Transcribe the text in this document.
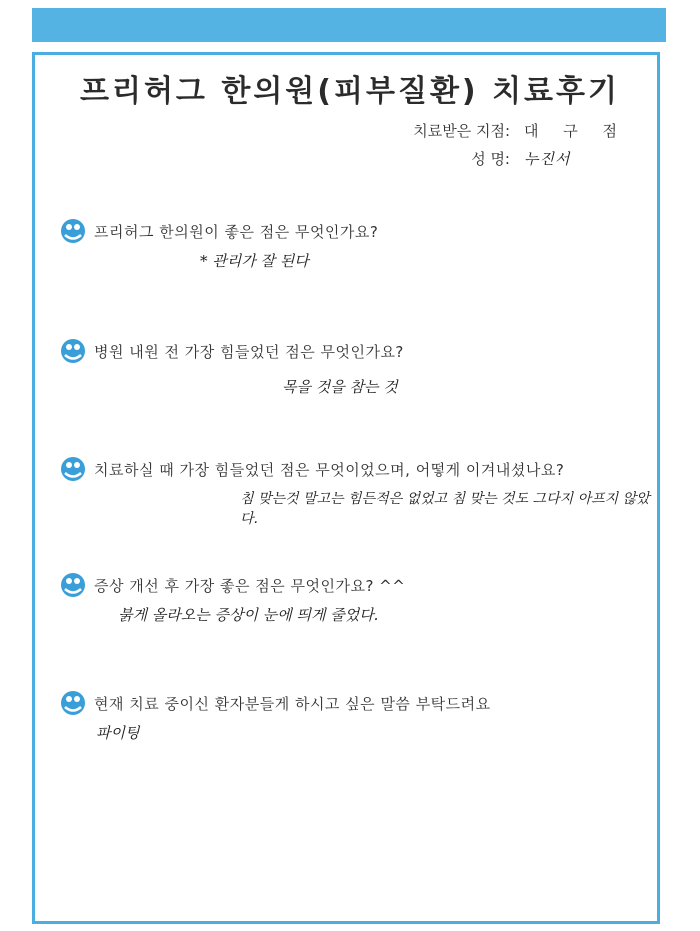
프리허그 한의원(피부질환) 치료후기
치료받은 지점: 대 구 점
성 명: 누진서
프리허그 한의원이 좋은 점은 무엇인가요?
* 관리가 잘 된다
병원 내원 전 가장 힘들었던 점은 무엇인가요?
목을 것을 참는 것
치료하실 때 가장 힘들었던 점은 무엇이었으며, 어떻게 이겨내셨나요?
침 맞는것 말고는 힘든적은 없었고 침 맞는 것도 그다지 아프지 않았다.
증상 개선 후 가장 좋은 점은 무엇인가요? ^^
붉게 올라오는 증상이 눈에 띄게 줄었다.
현재 치료 중이신 환자분들게 하시고 싶은 말씀 부탁드려요
파이팅
